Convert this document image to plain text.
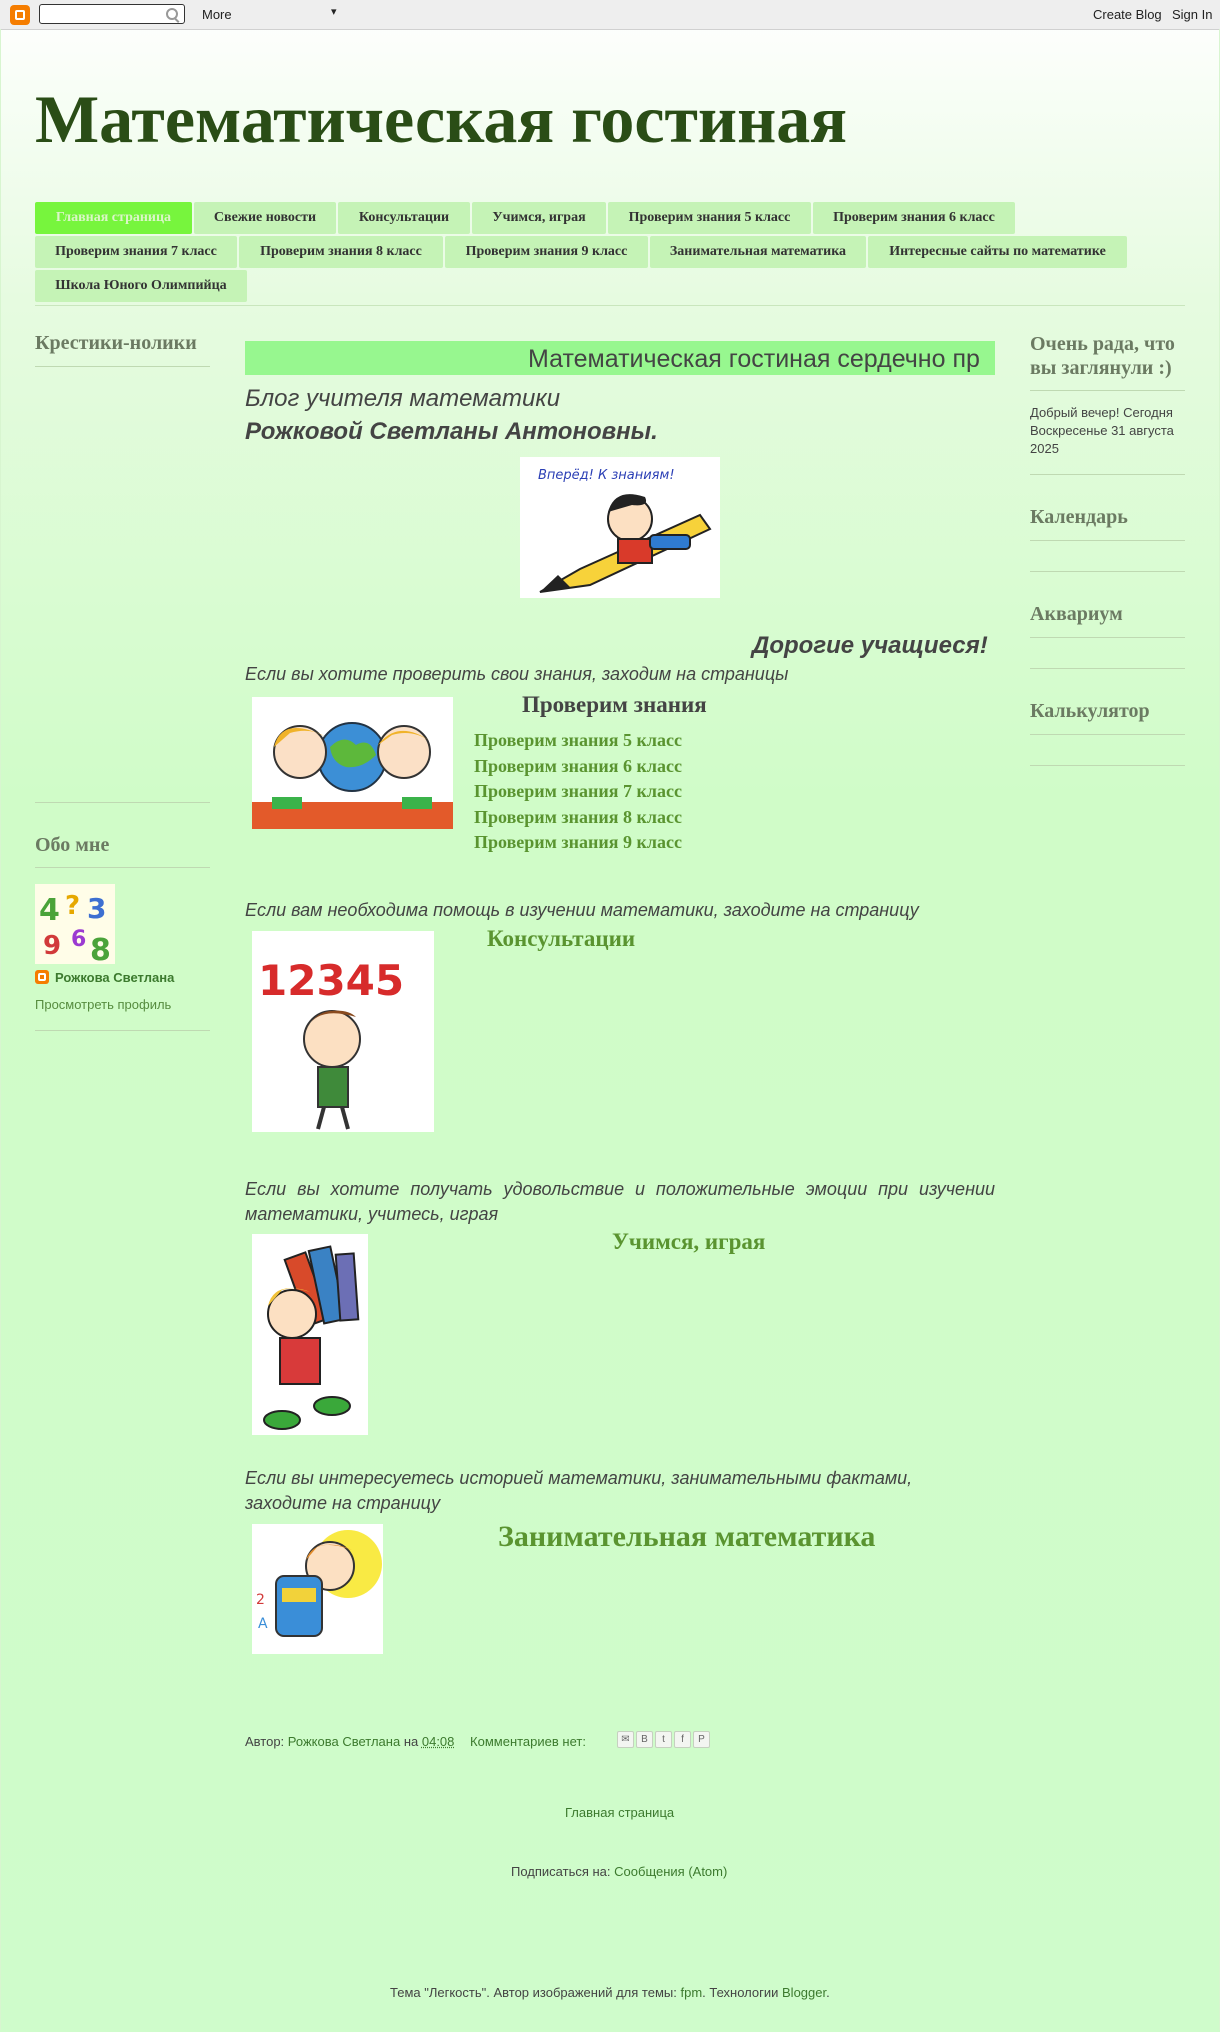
More	▾	Create Blog Sign In
Математическая гостиная
Главная страница	Свежие новости	Консультации	Учимся, играя	Проверим знания 5 класс	Проверим знания 6 класс
Проверим знания 7 класс	Проверим знания 8 класс	Проверим знания 9 класс	Занимательная математика	Интересные сайты по математике
Школа Юного Олимпийца
Крестики-нолики
Обо мне
4 ? 3
9 6 8
Рожкова Светлана
Просмотреть профиль
Очень рада, что вы заглянули :)
Добрый вечер! Сегодня Воскресенье 31 августа 2025
Календарь
Аквариум
Калькулятор
Математическая гостиная сердечно пр
Блог учителя математики
Рожковой Светланы Антоновны.
Вперёд! К знаниям!
Дорогие учащиеся!
Если вы хотите проверить свои знания, заходим на страницы
Проверим знания
Проверим знания 5 класс
Проверим знания 6 класс
Проверим знания 7 класс
Проверим знания 8 класс
Проверим знания 9 класс
Если вам необходима помощь в изучении математики, заходите на страницу
Консультации
12345
Если вы хотите получать удовольствие и положительные эмоции при изучении математики, учитесь, играя
Учимся, играя
Если вы интересуетесь историей математики, занимательными фактами, заходите на страницу
Занимательная математика
2
A
Автор: Рожкова Светлана на 04:08 Комментариев нет:	✉	B	t	f	P
Главная страница
Подписаться на: Сообщения (Atom)
Тема "Легкость". Автор изображений для темы: fpm. Технологии Blogger.
